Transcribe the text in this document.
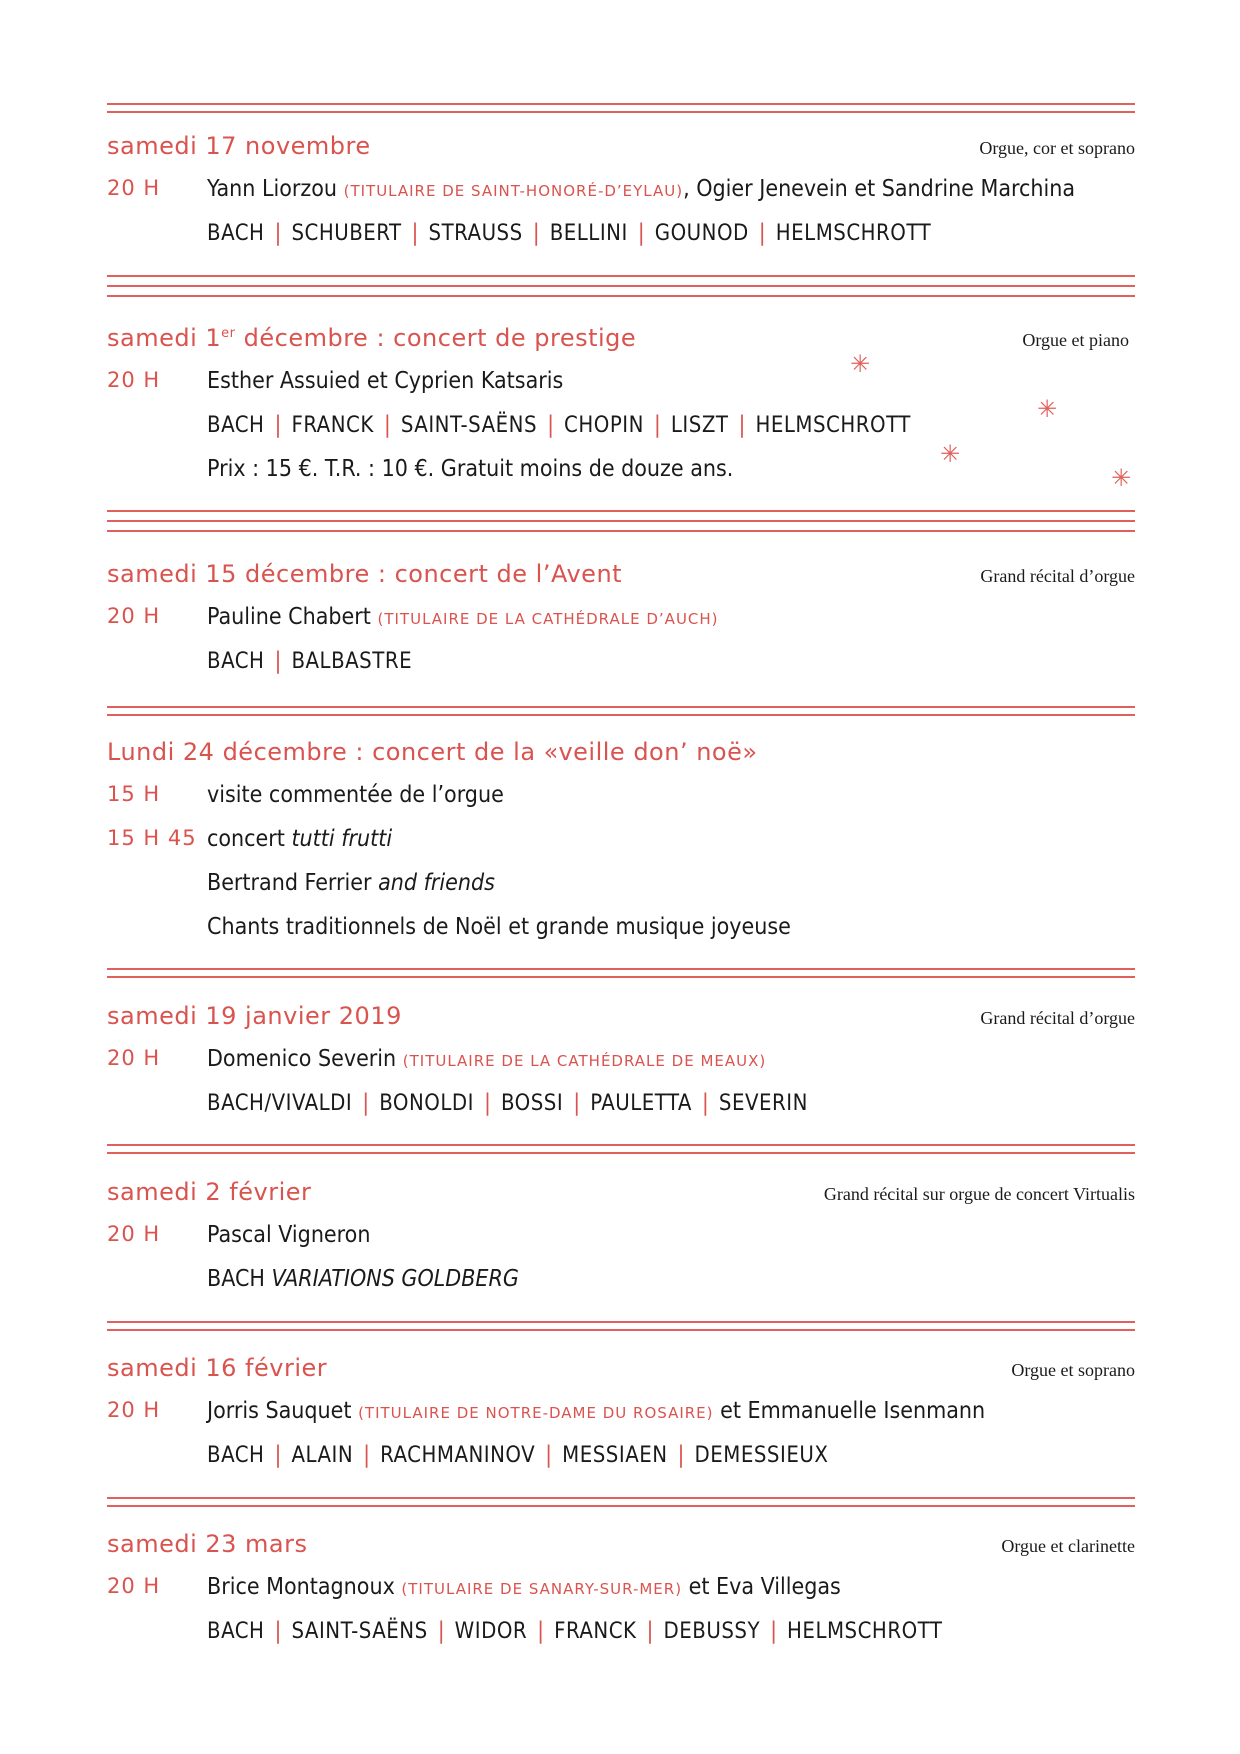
✳
✳
✳
✳
samedi 17 novembre	Orgue, cor et soprano
20 H Yann Liorzou (TITULAIRE DE SAINT-HONORÉ-D’EYLAU), Ogier Jenevein et Sandrine Marchina
BACH | SCHUBERT | STRAUSS | BELLINI | GOUNOD | HELMSCHROTT
samedi 1er décembre : concert de prestige	Orgue et piano
20 H Esther Assuied et Cyprien Katsaris
BACH | FRANCK | SAINT-SAËNS | CHOPIN | LISZT | HELMSCHROTT
Prix : 15 €. T.R. : 10 €. Gratuit moins de douze ans.
samedi 15 décembre : concert de l’Avent	Grand récital d’orgue
20 H Pauline Chabert (TITULAIRE DE LA CATHÉDRALE D’AUCH)
BACH | BALBASTRE
Lundi 24 décembre : concert de la «veille don’ noë»
15 H visite commentée de l’orgue
15 H 45 concert tutti frutti
Bertrand Ferrier and friends
Chants traditionnels de Noël et grande musique joyeuse
samedi 19 janvier 2019	Grand récital d’orgue
20 H Domenico Severin (TITULAIRE DE LA CATHÉDRALE DE MEAUX)
BACH/VIVALDI | BONOLDI | BOSSI | PAULETTA | SEVERIN
samedi 2 février	Grand récital sur orgue de concert Virtualis
20 H Pascal Vigneron
BACH VARIATIONS GOLDBERG
samedi 16 février	Orgue et soprano
20 H Jorris Sauquet (TITULAIRE DE NOTRE-DAME DU ROSAIRE) et Emmanuelle Isenmann
BACH | ALAIN | RACHMANINOV | MESSIAEN | DEMESSIEUX
samedi 23 mars	Orgue et clarinette
20 H Brice Montagnoux (TITULAIRE DE SANARY-SUR-MER) et Eva Villegas
BACH | SAINT-SAËNS | WIDOR | FRANCK | DEBUSSY | HELMSCHROTT
